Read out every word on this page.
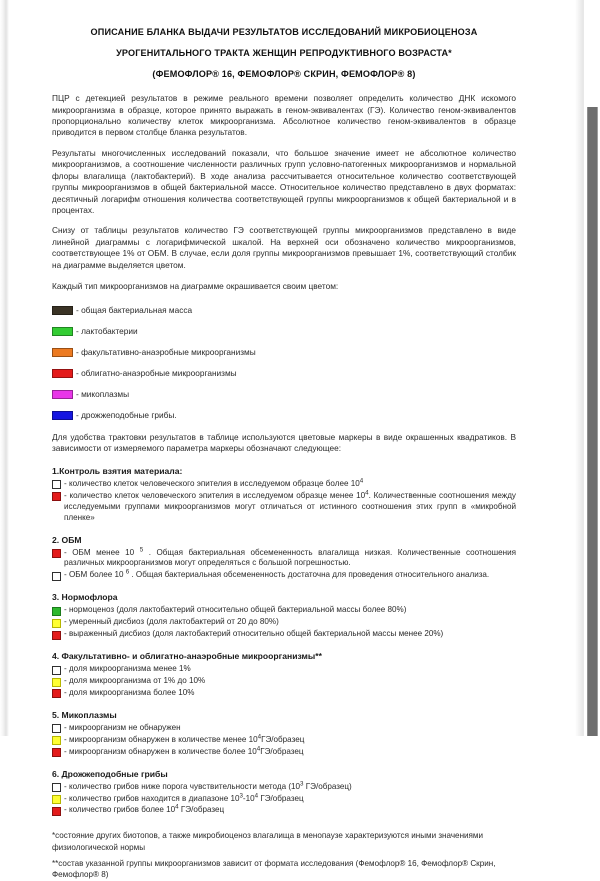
ОПИСАНИЕ БЛАНКА ВЫДАЧИ РЕЗУЛЬТАТОВ ИССЛЕДОВАНИЙ МИКРОБИОЦЕНОЗА
УРОГЕНИТАЛЬНОГО ТРАКТА ЖЕНЩИН РЕПРОДУКТИВНОГО ВОЗРАСТА*
(ФЕМОФЛОР® 16, ФЕМОФЛОР® СКРИН, ФЕМОФЛОР® 8)

ПЦР с детекцией результатов в режиме реального времени позволяет определить количество ДНК искомого микроорганизма в образце, которое принято выражать в геном-эквивалентах (ГЭ). Количество геном-эквивалентов пропорционально количеству клеток микроорганизма. Абсолютное количество геном-эквивалентов в образце приводится в первом столбце бланка результатов.

Результаты многочисленных исследований показали, что большое значение имеет не абсолютное количество микроорганизмов, а соотношение численности различных групп условно-патогенных микроорганизмов и нормальной флоры влагалища (лактобактерий). В ходе анализа рассчитывается относительное количество соответствующей группы микроорганизмов в общей бактериальной массе. Относительное количество представлено в двух форматах: десятичный логарифм отношения количества соответствующей группы микроорганизмов к общей бактериальной и в процентах.

Снизу от таблицы результатов количество ГЭ соответствующей группы микроорганизмов представлено в виде линейной диаграммы с логарифмической шкалой. На верхней оси обозначено количество микроорганизмов, соответствующее 1% от ОБМ. В случае, если доля группы микроорганизмов превышает 1%, соответствующий столбик на диаграмме выделяется цветом.

Каждый тип микроорганизмов на диаграмме окрашивается своим цветом:

- общая бактериальная масса
- лактобактерии
- факультативно-анаэробные микроорганизмы
- облигатно-анаэробные микроорганизмы
- микоплазмы
- дрожжеподобные грибы.

Для удобства трактовки результатов в таблице используются цветовые маркеры в виде окрашенных квадратиков. В зависимости от измеряемого параметра маркеры обозначают следующее:

1.Контроль взятия материала:
- количество клеток человеческого эпителия в исследуемом образце более $10^4$
- количество клеток человеческого эпителия в исследуемом образце менее $10^4$. Количественные соотношения между исследуемыми группами микроорганизмов могут отличаться от истинного соотношения этих групп в «микробной пленке»
2. ОБМ
- ОБМ менее 10 $^5$ . Общая бактериальная обсемененность влагалища низкая. Количественные соотношения различных микроорганизмов могут определяться с большой погрешностью.
- ОБМ более 10 $^6$ . Общая бактериальная обсемененность достаточна для проведения относительного анализа.
3. Нормофлора
- нормоценоз (доля лактобактерий относительно общей бактериальной массы более 80%)
- умеренный дисбиоз (доля лактобактерий от 20 до 80%)
- выраженный дисбиоз (доля лактобактерий относительно общей бактериальной массы менее 20%)
4. Факультативно- и облигатно-анаэробные микроорганизмы**
- доля микроорганизма менее 1%
- доля микроорганизма от 1% до 10%
- доля микроорганизма более 10%
5. Микоплазмы
- микроорганизм не обнаружен
- микроорганизм обнаружен в количестве менее $10^4ГЭ$/образец
- микроорганизм обнаружен в количестве более $10^4ГЭ$/образец
6. Дрожжеподобные грибы
- количество грибов ниже порога чувствительности метода ($10^3$ ГЭ/образец)
- количество грибов находится в диапазоне $10^3-10^4$ ГЭ/образец
- количество грибов более $10^4$ ГЭ/образец
*состояние других биотопов, а также микробиоценоз влагалища в менопаузе характеризуются иными значениями физиологической нормы
**состав указанной группы микроорганизмов зависит от формата исследования (Фемофлор® 16, Фемофлор® Скрин, Фемофлор® 8)
